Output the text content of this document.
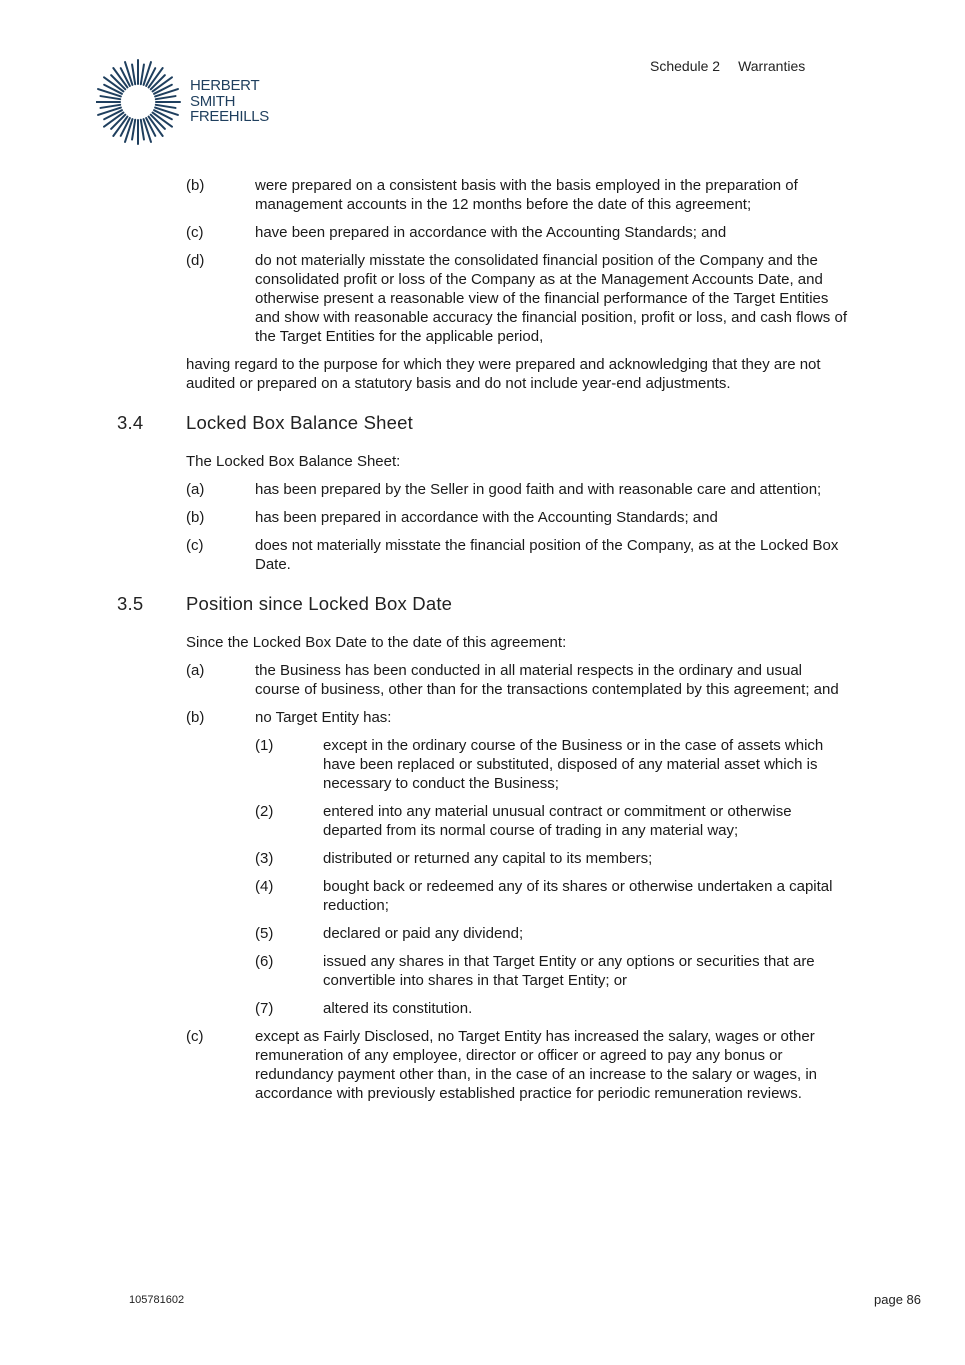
HERBERT
SMITH
FREEHILLS
Schedule 2 Warranties
(b)	were prepared on a consistent basis with the basis employed in the preparation of management accounts in the 12 months before the date of this agreement;

(c)	have been prepared in accordance with the Accounting Standards; and

(d)	do not materially misstate the consolidated financial position of the Company and the consolidated profit or loss of the Company as at the Management Accounts Date, and otherwise present a reasonable view of the financial performance of the Target Entities and show with reasonable accuracy the financial position, profit or loss, and cash flows of the Target Entities for the applicable period,

having regard to the purpose for which they were prepared and acknowledging that they are not audited or prepared on a statutory basis and do not include year-end adjustments.

3.4 Locked Box Balance Sheet

The Locked Box Balance Sheet:

(a)	has been prepared by the Seller in good faith and with reasonable care and attention;

(b)	has been prepared in accordance with the Accounting Standards; and

(c)	does not materially misstate the financial position of the Company, as at the Locked Box Date.

3.5 Position since Locked Box Date

Since the Locked Box Date to the date of this agreement:

(a)	the Business has been conducted in all material respects in the ordinary and usual course of business, other than for the transactions contemplated by this agreement; and

(b)	no Target Entity has:

(1)	except in the ordinary course of the Business or in the case of assets which have been replaced or substituted, disposed of any material asset which is necessary to conduct the Business;

(2)	entered into any material unusual contract or commitment or otherwise departed from its normal course of trading in any material way;

(3)	distributed or returned any capital to its members;

(4)	bought back or redeemed any of its shares or otherwise undertaken a capital reduction;

(5)	declared or paid any dividend;

(6)	issued any shares in that Target Entity or any options or securities that are convertible into shares in that Target Entity; or

(7)	altered its constitution.

(c)	except as Fairly Disclosed, no Target Entity has increased the salary, wages or other remuneration of any employee, director or officer or agreed to pay any bonus or redundancy payment other than, in the case of an increase to the salary or wages, in accordance with previously established practice for periodic remuneration reviews.

105781602	page 86
